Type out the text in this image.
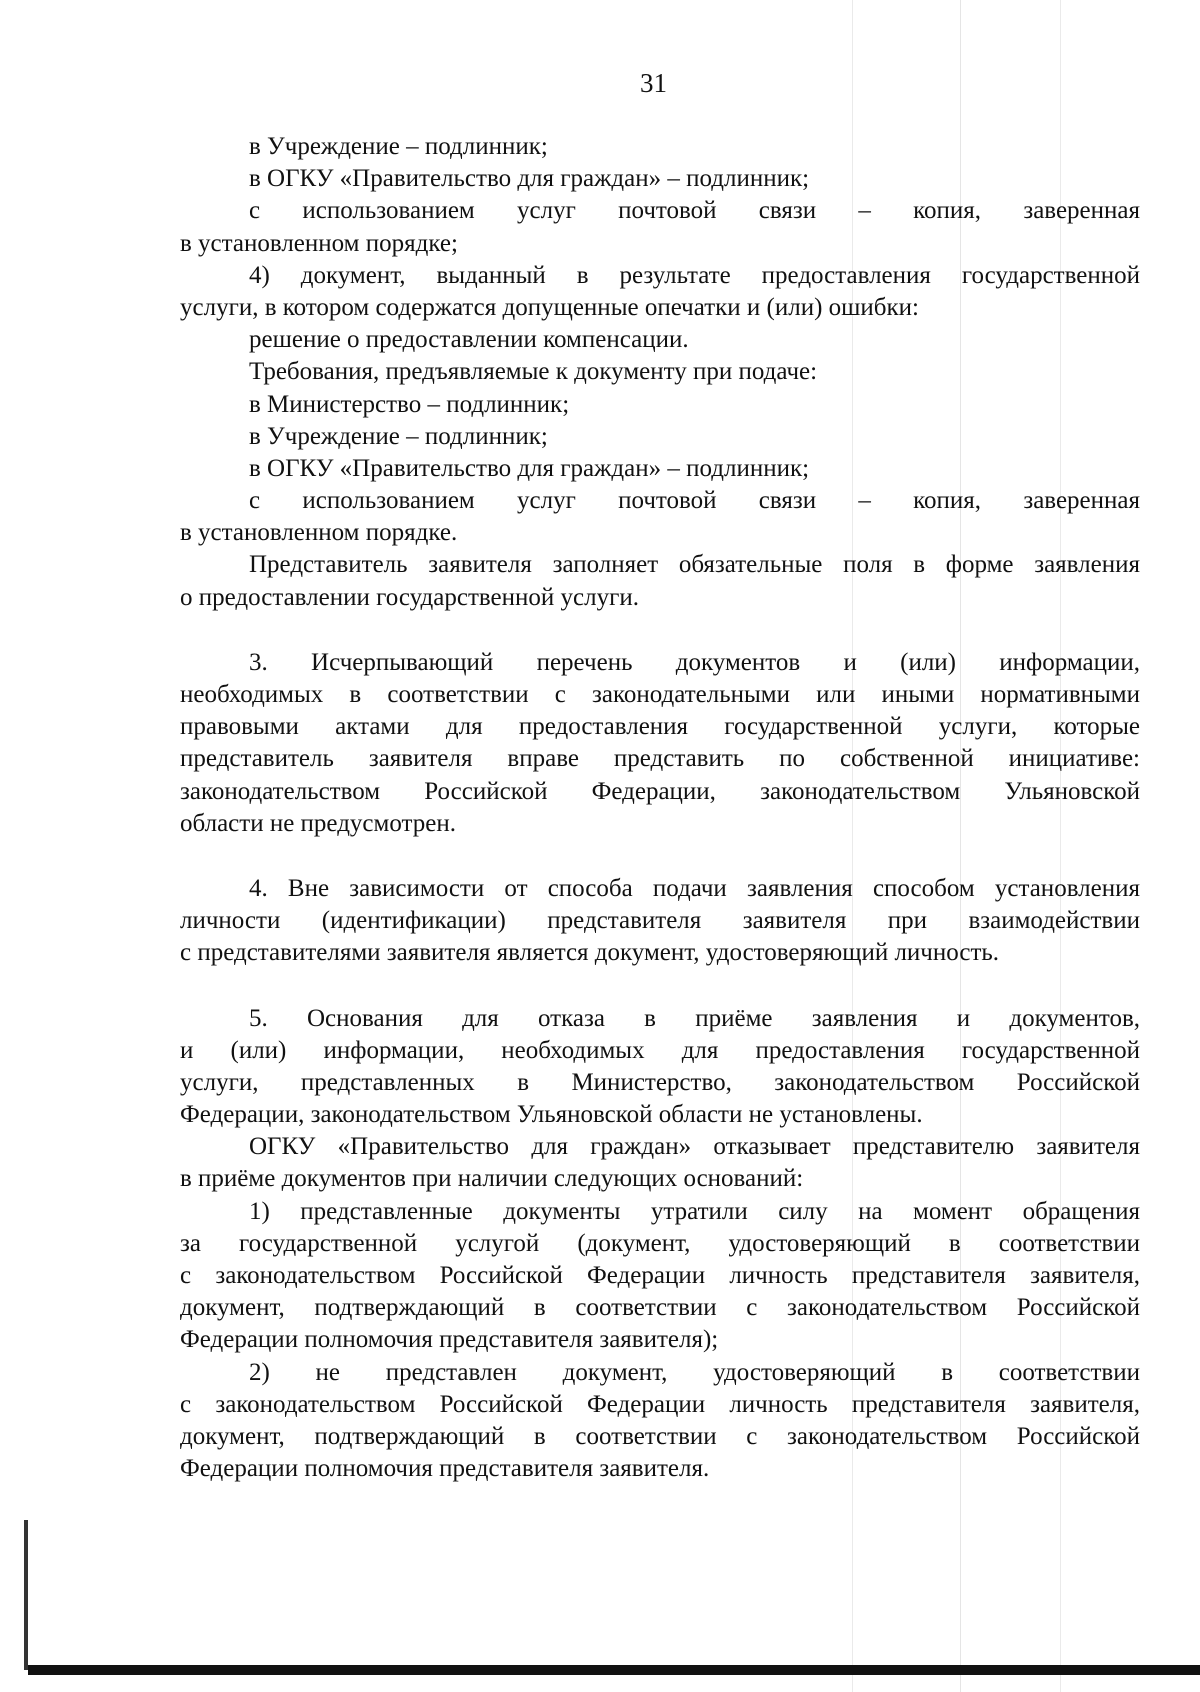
31
в Учреждение – подлинник;
в ОГКУ «Правительство для граждан» – подлинник;
с использованием услуг почтовой связи – копия, заверенная
в установленном порядке;
4) документ, выданный в результате предоставления государственной
услуги, в котором содержатся допущенные опечатки и (или) ошибки:
решение о предоставлении компенсации.
Требования, предъявляемые к документу при подаче:
в Министерство – подлинник;
в Учреждение – подлинник;
в ОГКУ «Правительство для граждан» – подлинник;
с использованием услуг почтовой связи – копия, заверенная
в установленном порядке.
Представитель заявителя заполняет обязательные поля в форме заявления
о предоставлении государственной услуги.
3. Исчерпывающий перечень документов и (или) информации,
необходимых в соответствии с законодательными или иными нормативными
правовыми актами для предоставления государственной услуги, которые
представитель заявителя вправе представить по собственной инициативе:
законодательством Российской Федерации, законодательством Ульяновской
области не предусмотрен.
4. Вне зависимости от способа подачи заявления способом установления
личности (идентификации) представителя заявителя при взаимодействии
с представителями заявителя является документ, удостоверяющий личность.
5. Основания для отказа в приёме заявления и документов,
и (или) информации, необходимых для предоставления государственной
услуги, представленных в Министерство, законодательством Российской
Федерации, законодательством Ульяновской области не установлены.
ОГКУ «Правительство для граждан» отказывает представителю заявителя
в приёме документов при наличии следующих оснований:
1) представленные документы утратили силу на момент обращения
за государственной услугой (документ, удостоверяющий в соответствии
с законодательством Российской Федерации личность представителя заявителя,
документ, подтверждающий в соответствии с законодательством Российской
Федерации полномочия представителя заявителя);
2) не представлен документ, удостоверяющий в соответствии
с законодательством Российской Федерации личность представителя заявителя,
документ, подтверждающий в соответствии с законодательством Российской
Федерации полномочия представителя заявителя.
